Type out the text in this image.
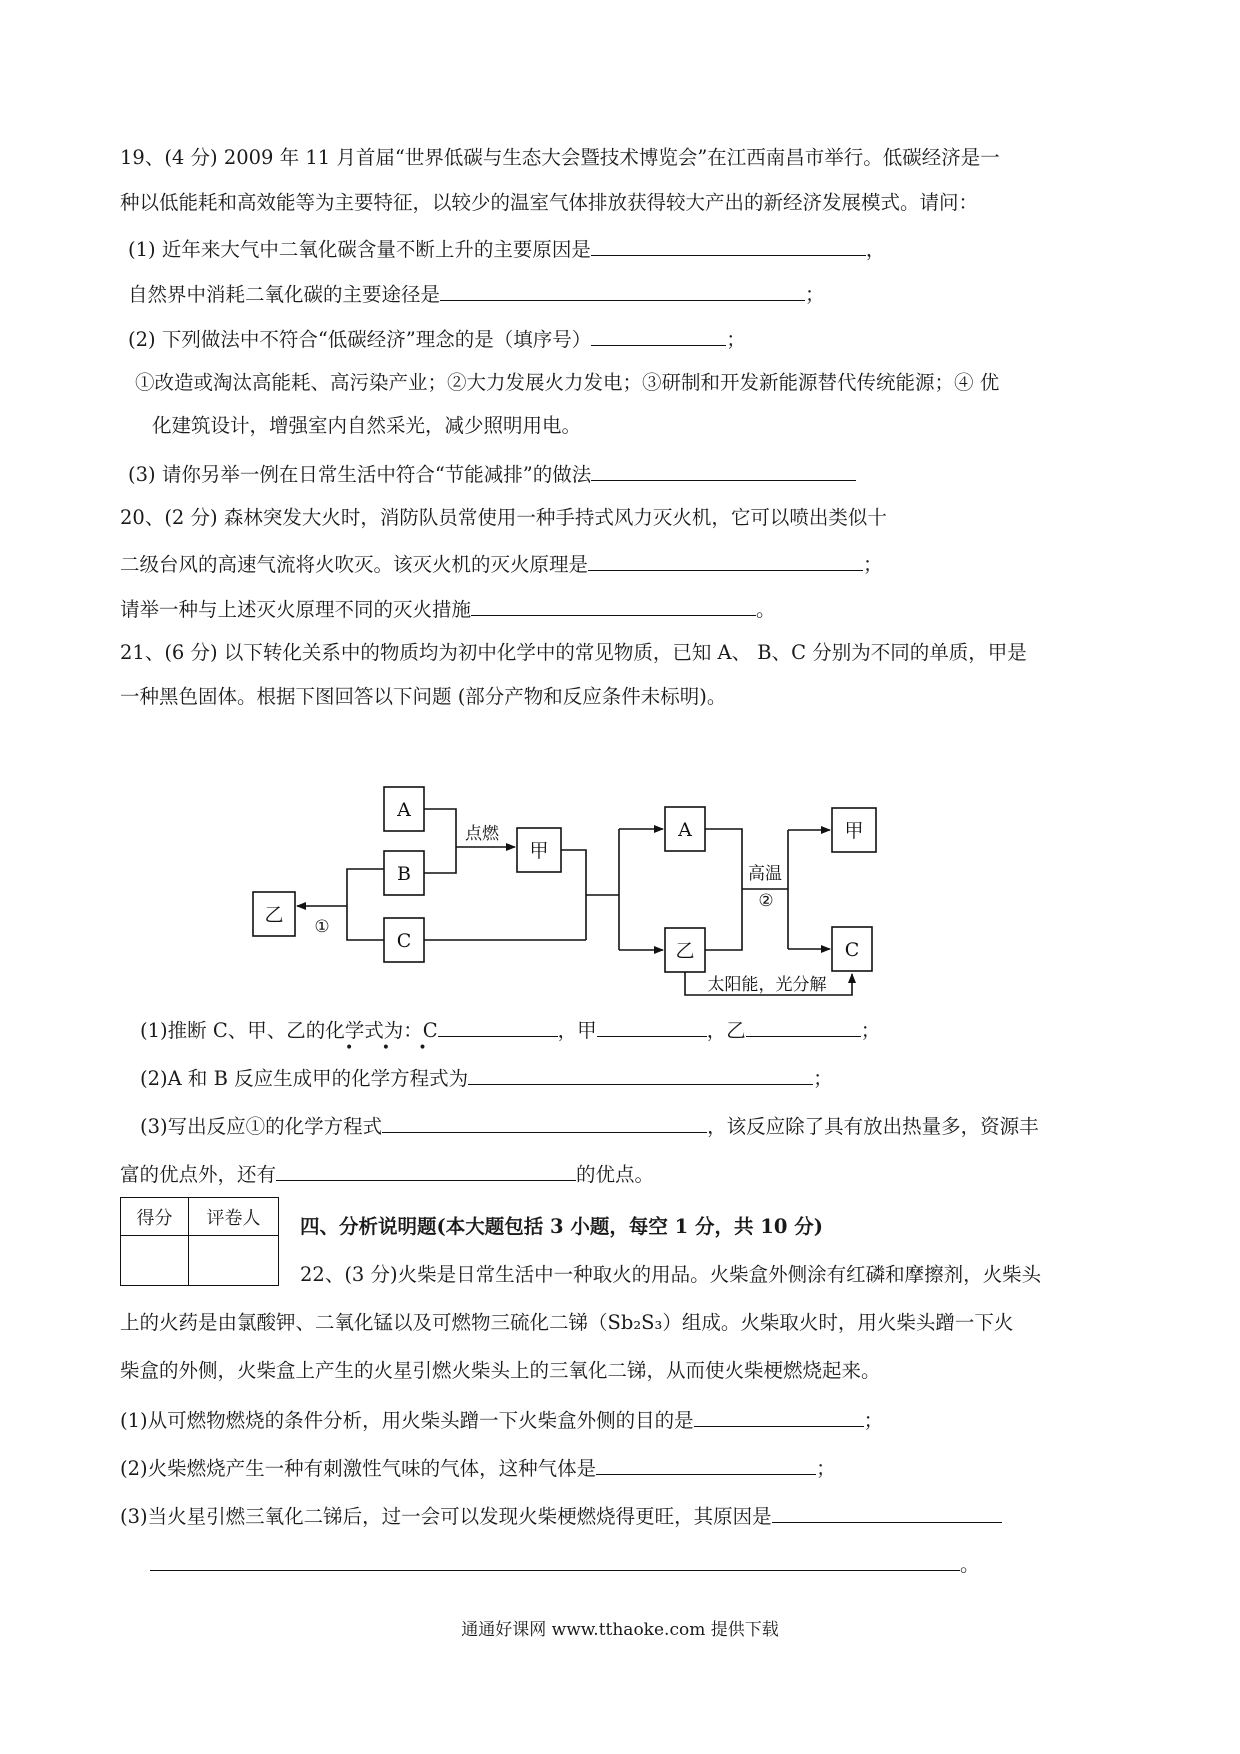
19、(4 分) 2009 年 11 月首届“世界低碳与生态大会暨技术博览会”在江西南昌市举行。低碳经济是一
种以低能耗和高效能等为主要特征，以较少的温室气体排放获得较大产出的新经济发展模式。请问：
(1) 近年来大气中二氧化碳含量不断上升的主要原因是	，
自然界中消耗二氧化碳的主要途径是	；
(2) 下列做法中不符合“低碳经济”理念的是（填序号）	；
①改造或淘汰高能耗、高污染产业；②大力发展火力发电；③研制和开发新能源替代传统能源；④ 优
化建筑设计，增强室内自然采光，减少照明用电。
(3) 请你另举一例在日常生活中符合“节能减排”的做法
20、(2 分) 森林突发大火时，消防队员常使用一种手持式风力灭火机，它可以喷出类似十
二级台风的高速气流将火吹灭。该灭火机的灭火原理是	；
请举一种与上述灭火原理不同的灭火措施	。
21、(6 分) 以下转化关系中的物质均为初中化学中的常见物质，已知 A、 B、C 分别为不同的单质，甲是
一种黑色固体。根据下图回答以下问题 (部分产物和反应条件未标明)。
A
B
C
乙
甲
A
乙
甲
C
点燃
高温
②
①
太阳能，光分解
(1)推断 C、甲、乙的化学式为：C	，甲	，乙	；
• • •
(2)A 和 B 反应生成甲的化学方程式为	；
(3)写出反应①的化学方程式	，该反应除了具有放出热量多，资源丰
富的优点外，还有	的优点。
得分	评卷人
	四、分析说明题(本大题包括 3 小题，每空 1 分，共 10 分)
22、(3 分)火柴是日常生活中一种取火的用品。火柴盒外侧涂有红磷和摩擦剂，火柴头
上的火药是由氯酸钾、二氧化锰以及可燃物三硫化二锑（Sb₂S₃）组成。火柴取火时，用火柴头蹭一下火
柴盒的外侧，火柴盒上产生的火星引燃火柴头上的三氧化二锑，从而使火柴梗燃烧起来。
(1)从可燃物燃烧的条件分析，用火柴头蹭一下火柴盒外侧的目的是	；
(2)火柴燃烧产生一种有刺激性气味的气体，这种气体是	；
(3)当火星引燃三氧化二锑后，过一会可以发现火柴梗燃烧得更旺，其原因是
。
通通好课网 www.tthaoke.com 提供下载
